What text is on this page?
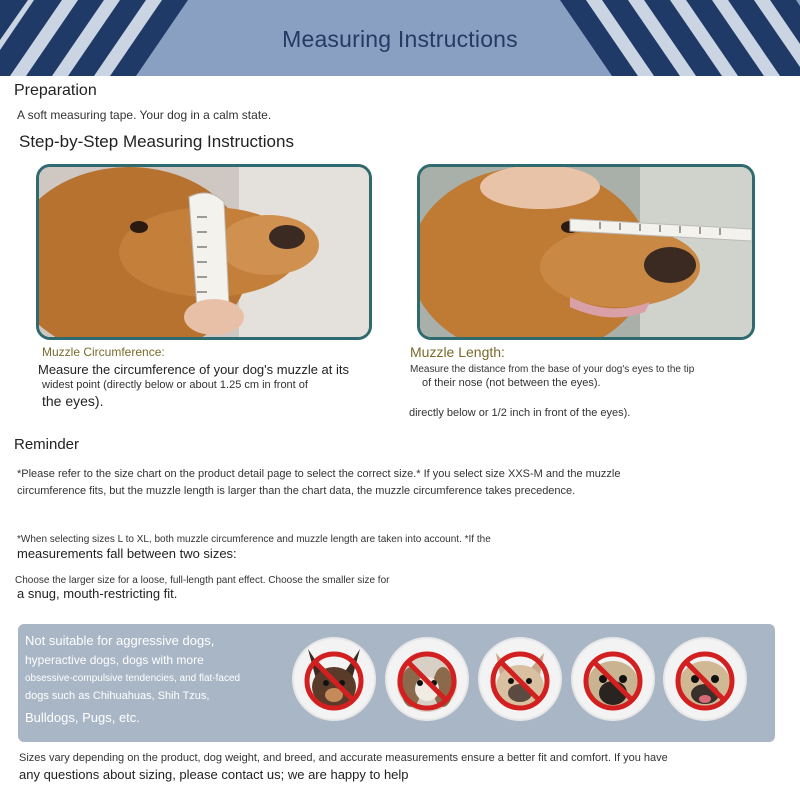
Measuring Instructions
Preparation
A soft measuring tape. Your dog in a calm state.
Step-by-Step Measuring Instructions
Muzzle Circumference:
Measure the circumference of your dog's muzzle at its
widest point (directly below or about 1.25 cm in front of
the eyes).
Muzzle Length:
Measure the distance from the base of your dog's eyes to the tip
of their nose (not between the eyes).
directly below or 1/2 inch in front of the eyes).
Reminder
*Please refer to the size chart on the product detail page to select the correct size.* If you select size XXS-M and the muzzle
circumference fits, but the muzzle length is larger than the chart data, the muzzle circumference takes precedence.
*When selecting sizes L to XL, both muzzle circumference and muzzle length are taken into account. *If the
measurements fall between two sizes:
Choose the larger size for a loose, full-length pant effect. Choose the smaller size for
a snug, mouth-restricting fit.
Not suitable for aggressive dogs,
hyperactive dogs, dogs with more
obsessive-compulsive tendencies, and flat-faced
dogs such as Chihuahuas, Shih Tzus,
Bulldogs, Pugs, etc.
Sizes vary depending on the product, dog weight, and breed, and accurate measurements ensure a better fit and comfort. If you have
any questions about sizing, please contact us; we are happy to help
